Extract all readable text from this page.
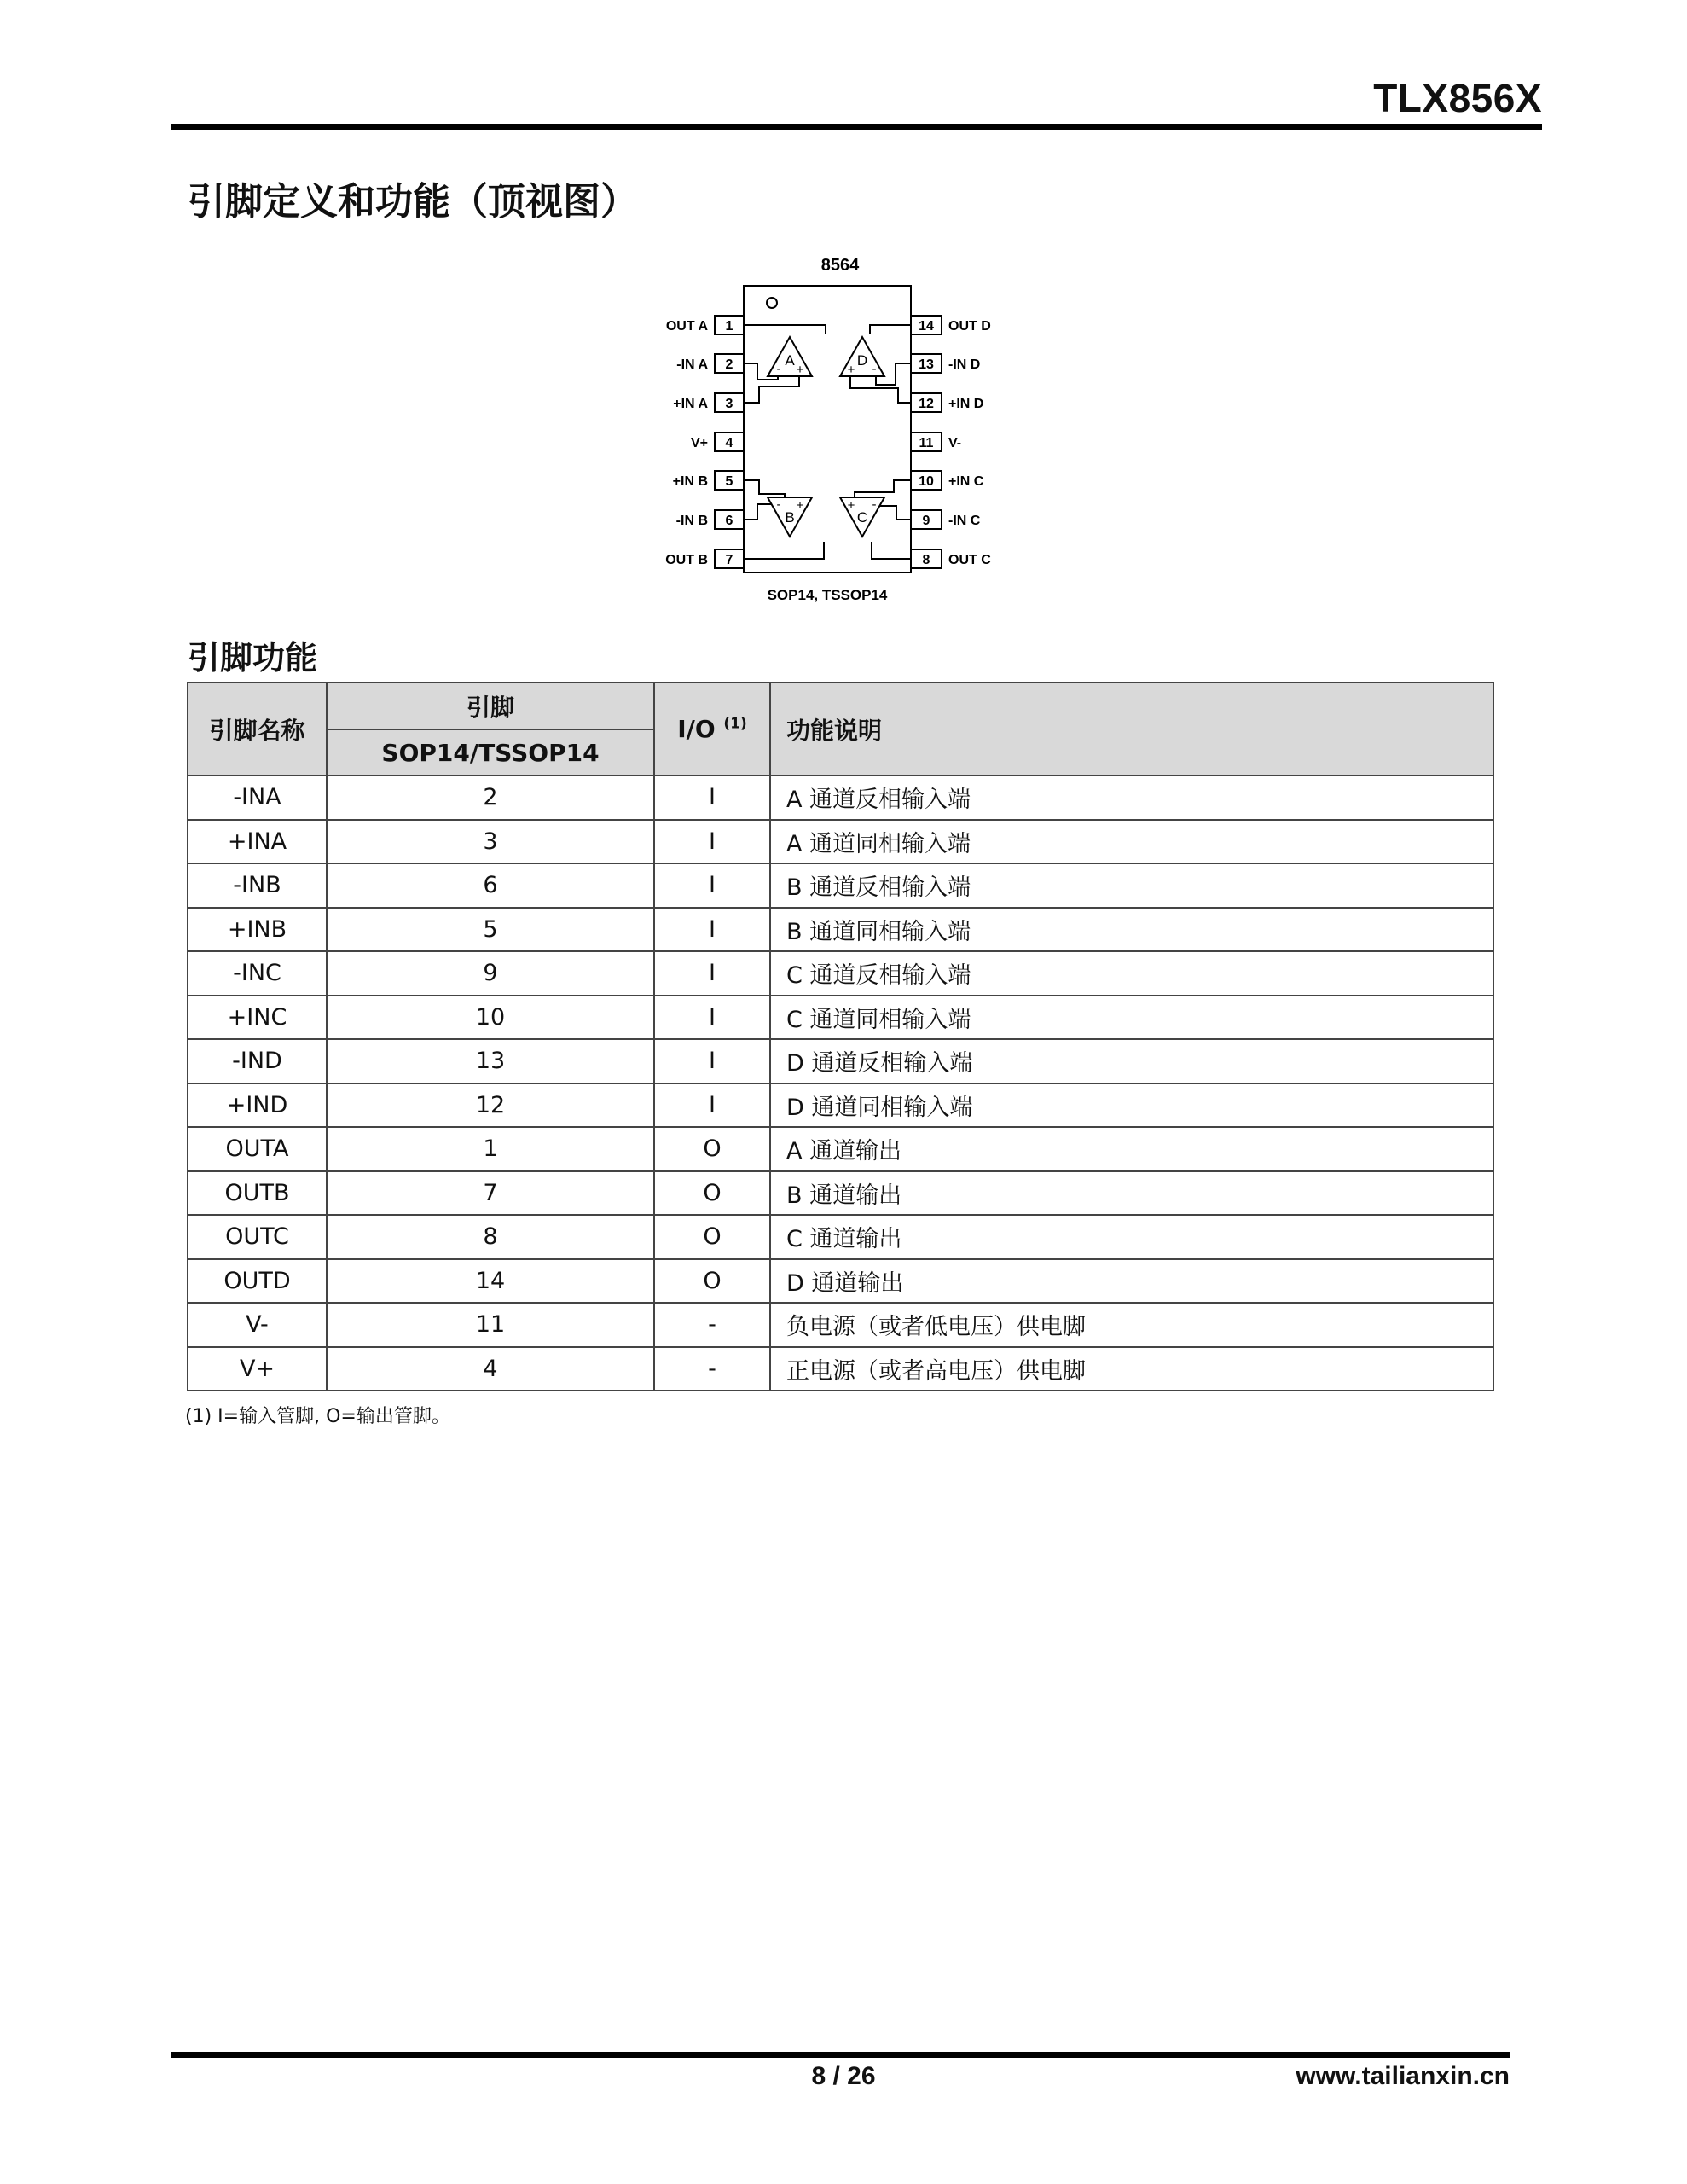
TLX856X
引脚定义和功能（顶视图）
8564
1
OUT A
2
-IN A
3
+IN A
4
V+
5
+IN B
6
-IN B
7
OUT B
14 OUT D
13 -IN D
12 +IN D
11 V-
10 +IN C
9 -IN C
8 OUT C
A
- +
D
+ -
- +
B
+ -
C
SOP14, TSSOP14
引脚功能
引脚名称	引脚	I/O $^{(1)}$	功能说明
	SOP14/TSSOP14		
-INA	2	I	A 通道反相输入端
+INA	3	I	A 通道同相输入端
-INB	6	I	B 通道反相输入端
+INB	5	I	B 通道同相输入端
-INC	9	I	C 通道反相输入端
+INC	10	I	C 通道同相输入端
-IND	13	I	D 通道反相输入端
+IND	12	I	D 通道同相输入端
OUTA	1	O	A 通道输出
OUTB	7	O	B 通道输出
OUTC	8	O	C 通道输出
OUTD	14	O	D 通道输出
V-	11	-	负电源（或者低电压）供电脚
V+	4	-	正电源（或者高电压）供电脚
(1) I=输入管脚, O=输出管脚。
8 / 26	www.tailianxin.cn
